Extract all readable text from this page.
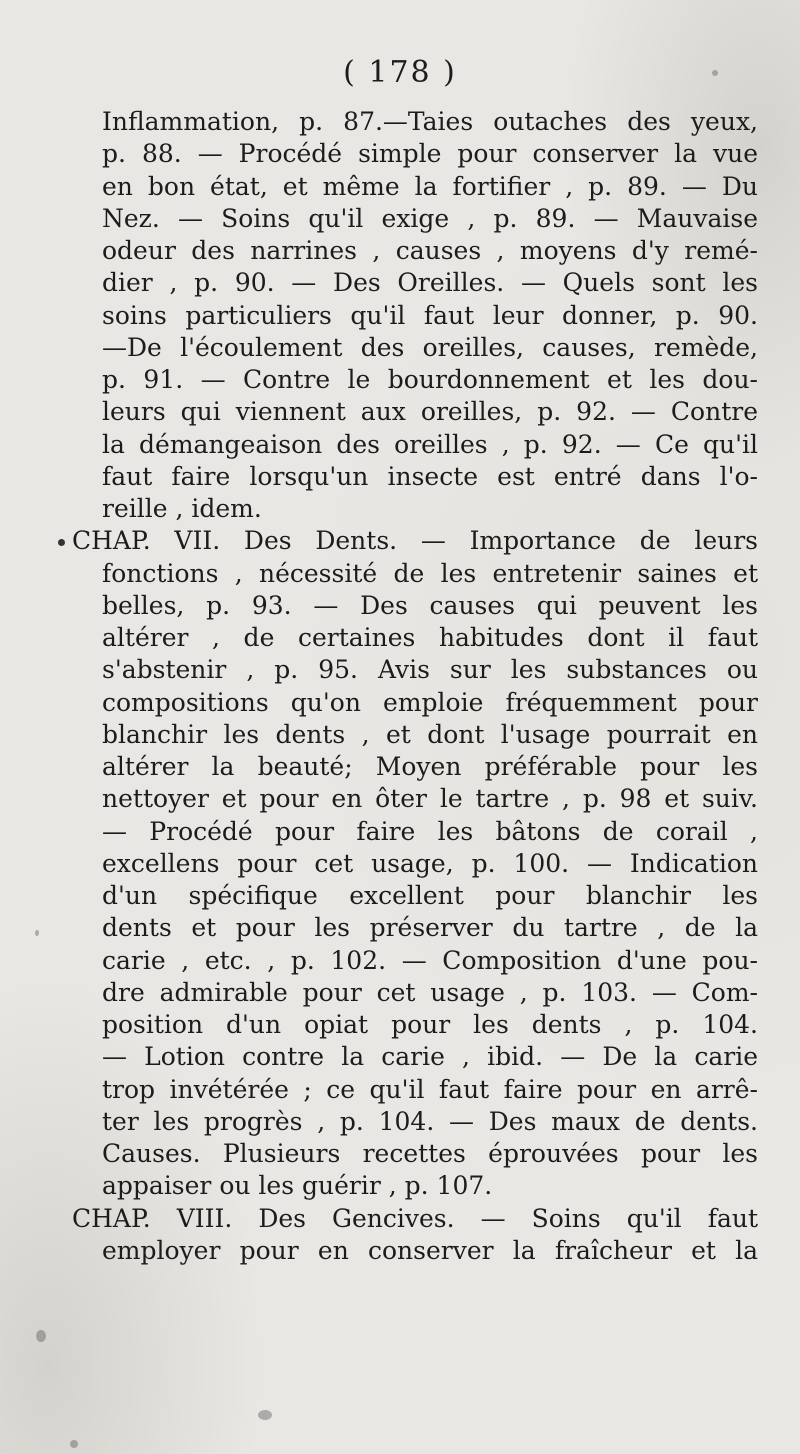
( 178 )
Inflammation, p. 87.—Taies outaches des yeux,
p. 88. — Procédé simple pour conserver la vue
en bon état, et même la fortifier , p. 89. — Du
Nez. — Soins qu'il exige , p. 89. — Mauvaise
odeur des narrines , causes , moyens d'y remé-
dier , p. 90. — Des Oreilles. — Quels sont les
soins particuliers qu'il faut leur donner, p. 90.
—De l'écoulement des oreilles, causes, remède,
p. 91. — Contre le bourdonnement et les dou-
leurs qui viennent aux oreilles, p. 92. — Contre
la démangeaison des oreilles , p. 92. — Ce qu'il
faut faire lorsqu'un insecte est entré dans l'o-
reille , idem.
CHAP. VII. Des Dents. — Importance de leurs
fonctions , nécessité de les entretenir saines et
belles, p. 93. — Des causes qui peuvent les
altérer , de certaines habitudes dont il faut
s'abstenir , p. 95. Avis sur les substances ou
compositions qu'on emploie fréquemment pour
blanchir les dents , et dont l'usage pourrait en
altérer la beauté; Moyen préférable pour les
nettoyer et pour en ôter le tartre , p. 98 et suiv.
— Procédé pour faire les bâtons de corail ,
excellens pour cet usage, p. 100. — Indication
d'un spécifique excellent pour blanchir les
dents et pour les préserver du tartre , de la
carie , etc. , p. 102. — Composition d'une pou-
dre admirable pour cet usage , p. 103. — Com-
position d'un opiat pour les dents , p. 104.
— Lotion contre la carie , ibid. — De la carie
trop invétérée ; ce qu'il faut faire pour en arrê-
ter les progrès , p. 104. — Des maux de dents.
Causes. Plusieurs recettes éprouvées pour les
appaiser ou les guérir , p. 107.
CHAP. VIII. Des Gencives. — Soins qu'il faut
employer pour en conserver la fraîcheur et la
